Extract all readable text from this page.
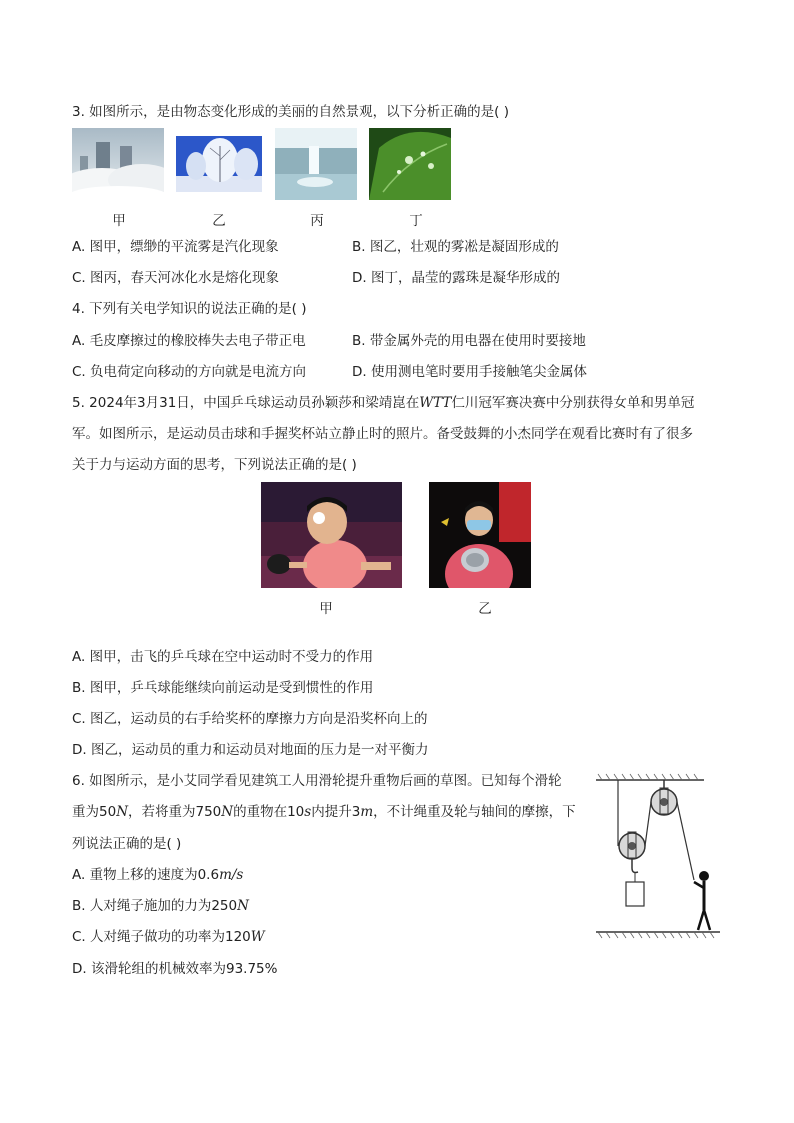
3. 如图所示，是由物态变化形成的美丽的自然景观，以下分析正确的是( )
甲	乙	丙	丁
A. 图甲，缥缈的平流雾是汽化现象	B. 图乙，壮观的雾凇是凝固形成的
C. 图丙，春天河冰化水是熔化现象	D. 图丁，晶莹的露珠是凝华形成的
4. 下列有关电学知识的说法正确的是( )
A. 毛皮摩擦过的橡胶棒失去电子带正电	B. 带金属外壳的用电器在使用时要接地
C. 负电荷定向移动的方向就是电流方向	D. 使用测电笔时要用手接触笔尖金属体
5. 2024年3月31日，中国乒乓球运动员孙颖莎和梁靖崑在WTT仁川冠军赛决赛中分别获得女单和男单冠
军。如图所示，是运动员击球和手握奖杯站立静止时的照片。备受鼓舞的小杰同学在观看比赛时有了很多
关于力与运动方面的思考，下列说法正确的是( )
甲	乙
A. 图甲，击飞的乒乓球在空中运动时不受力的作用
B. 图甲，乒乓球能继续向前运动是受到惯性的作用
C. 图乙，运动员的右手给奖杯的摩擦力方向是沿奖杯向上的
D. 图乙，运动员的重力和运动员对地面的压力是一对平衡力
6. 如图所示，是小艾同学看见建筑工人用滑轮提升重物后画的草图。已知每个滑轮
重为50N，若将重为750N的重物在10s内提升3m，不计绳重及轮与轴间的摩擦，下
列说法正确的是( )
A. 重物上移的速度为0.6m/s
B. 人对绳子施加的力为250N
C. 人对绳子做功的功率为120W
D. 该滑轮组的机械效率为93.75%
